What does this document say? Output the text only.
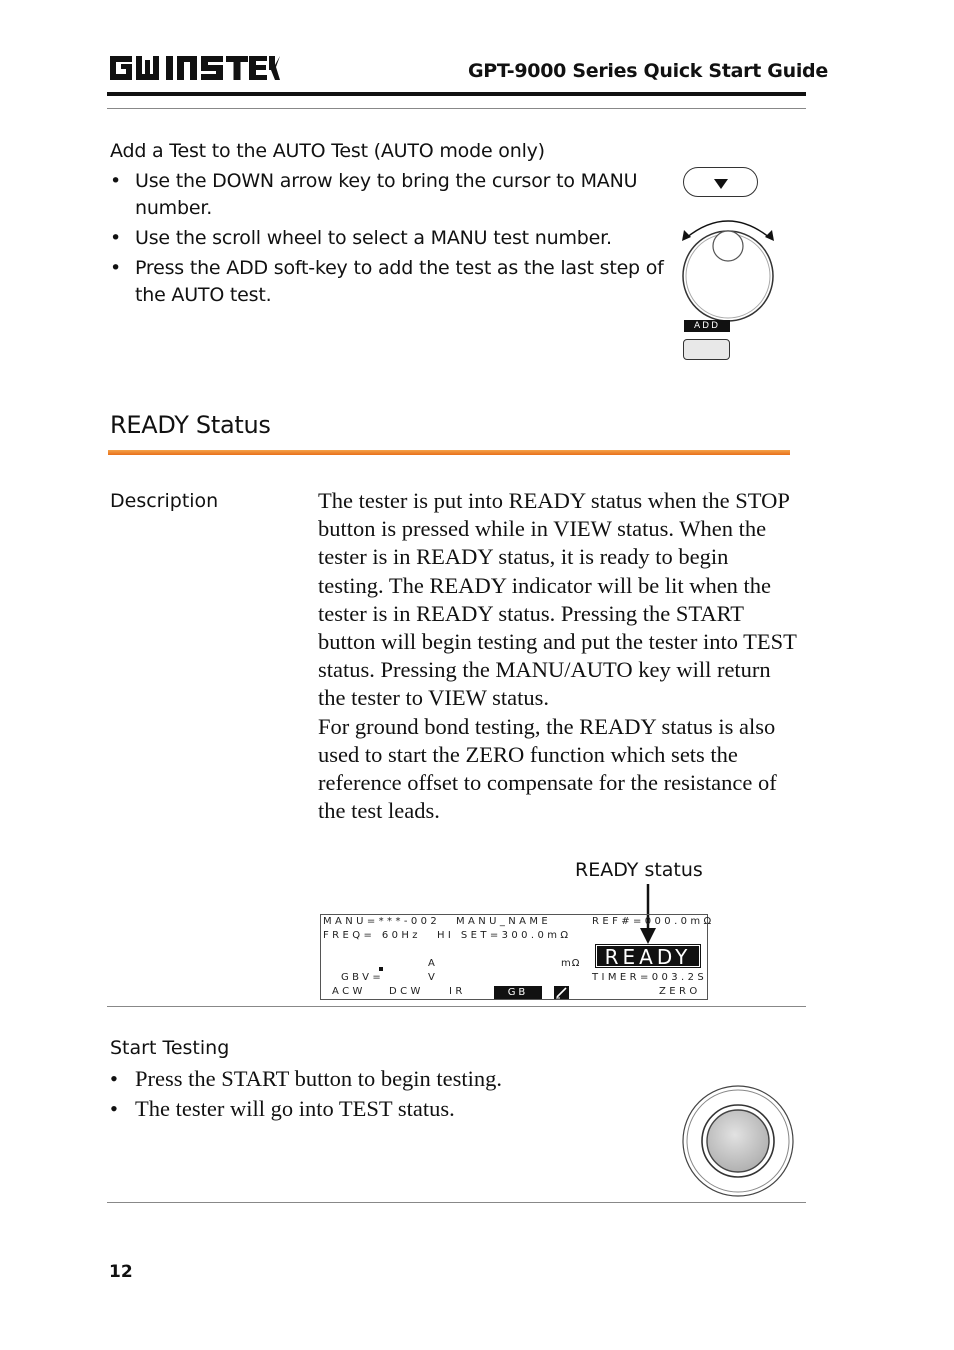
GPT-9000 Series Quick Start Guide
Add a Test to the AUTO Test (AUTO mode only)
• Use the DOWN arrow key to bring the cursor to MANU number.
• Use the scroll wheel to select a MANU test number.
• Press the ADD soft-key to add the test as the last step of the AUTO test.
ADD
READY Status
Description	The tester is put into READY status when the STOP button is pressed while in VIEW status. When the tester is in READY status, it is ready to begin testing. The READY indicator will be lit when the tester is in READY status. Pressing the START button will begin testing and put the tester into TEST status. Pressing the MANU/AUTO key will return the tester to VIEW status.

For ground bond testing, the READY status is also used to start the ZERO function which sets the reference offset to compensate for the resistance of the test leads.

READY status
MANU=***-002 MANU_NAME	REF#=000.0mΩ
FREQ= 60Hz HI SET=300.0mΩ
A	mΩ	READY
GBV=	V	TIMER=003.2S
ACW DCW	IR	GB	ZERO
Start Testing
• Press the START button to begin testing.
• The tester will go into TEST status.
12
